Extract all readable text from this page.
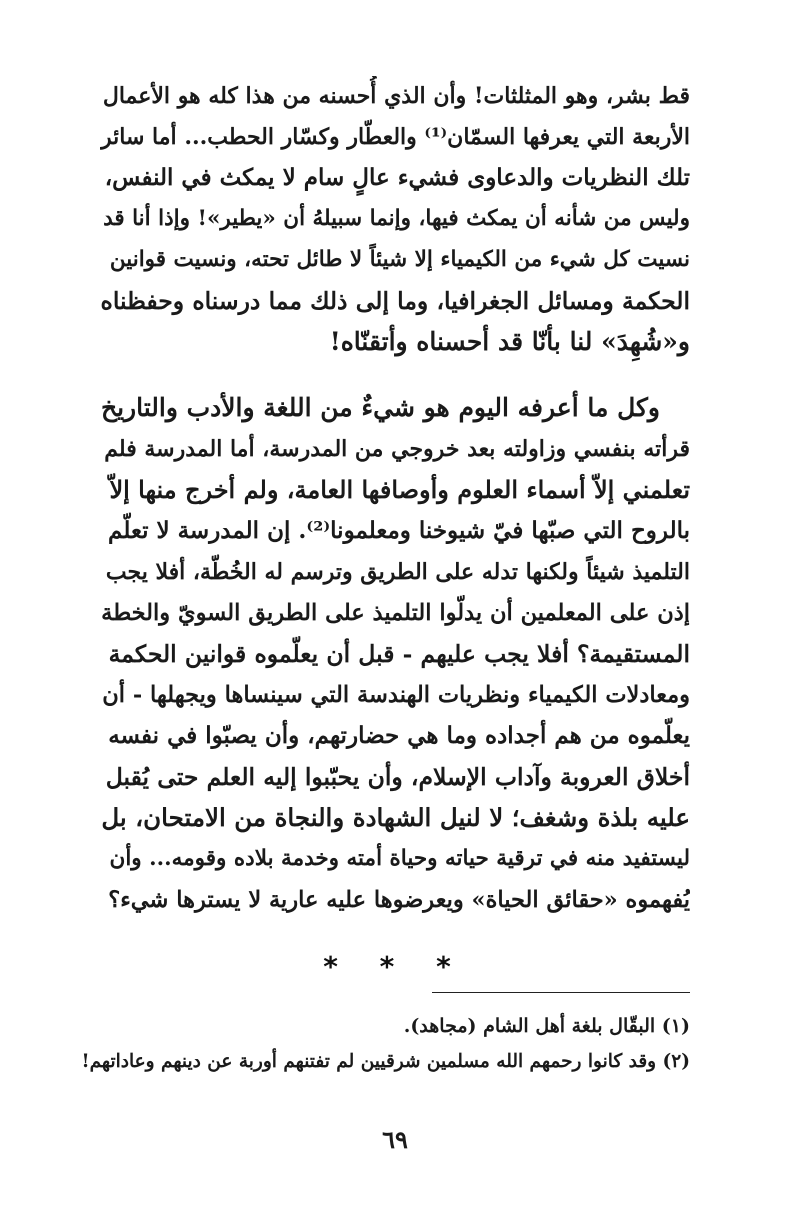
قط بشر، وهو المثلثات! وأن الذي أُحسنه من هذا كله هو الأعمال
الأربعة التي يعرفها السمّان⁽¹⁾ والعطّار وكسّار الحطب... أما سائر
تلك النظريات والدعاوى فشيء عالٍ سام لا يمكث في النفس،
وليس من شأنه أن يمكث فيها، وإنما سبيلهُ أن «يطير»! وإذا أنا قد
نسيت كل شيء من الكيمياء إلا شيئاً لا طائل تحته، ونسيت قوانين
الحكمة ومسائل الجغرافيا، وما إلى ذلك مما درسناه وحفظناه
و«شُهِدَ» لنا بأنّا قد أحسناه وأتقنّاه!
وكل ما أعرفه اليوم هو شيءٌ من اللغة والأدب والتاريخ
قرأته بنفسي وزاولته بعد خروجي من المدرسة، أما المدرسة فلم
تعلمني إلاّ أسماء العلوم وأوصافها العامة، ولم أخرج منها إلاّ
بالروح التي صبّها فيّ شيوخنا ومعلمونا⁽²⁾. إن المدرسة لا تعلّم
التلميذ شيئاً ولكنها تدله على الطريق وترسم له الخُطّة، أفلا يجب
إذن على المعلمين أن يدلّوا التلميذ على الطريق السويّ والخطة
المستقيمة؟ أفلا يجب عليهم - قبل أن يعلّموه قوانين الحكمة
ومعادلات الكيمياء ونظريات الهندسة التي سينساها ويجهلها - أن
يعلّموه من هم أجداده وما هي حضارتهم، وأن يصبّوا في نفسه
أخلاق العروبة وآداب الإسلام، وأن يحبّبوا إليه العلم حتى يُقبل
عليه بلذة وشغف؛ لا لنيل الشهادة والنجاة من الامتحان، بل
ليستفيد منه في ترقية حياته وحياة أمته وخدمة بلاده وقومه... وأن
يُفهموه «حقائق الحياة» ويعرضوها عليه عارية لا يسترها شيء؟
* * *
(١) البقّال بلغة أهل الشام (مجاهد).
(٢) وقد كانوا رحمهم الله مسلمين شرقيين لم تفتنهم أوربة عن دينهم وعاداتهم!
٦٩
